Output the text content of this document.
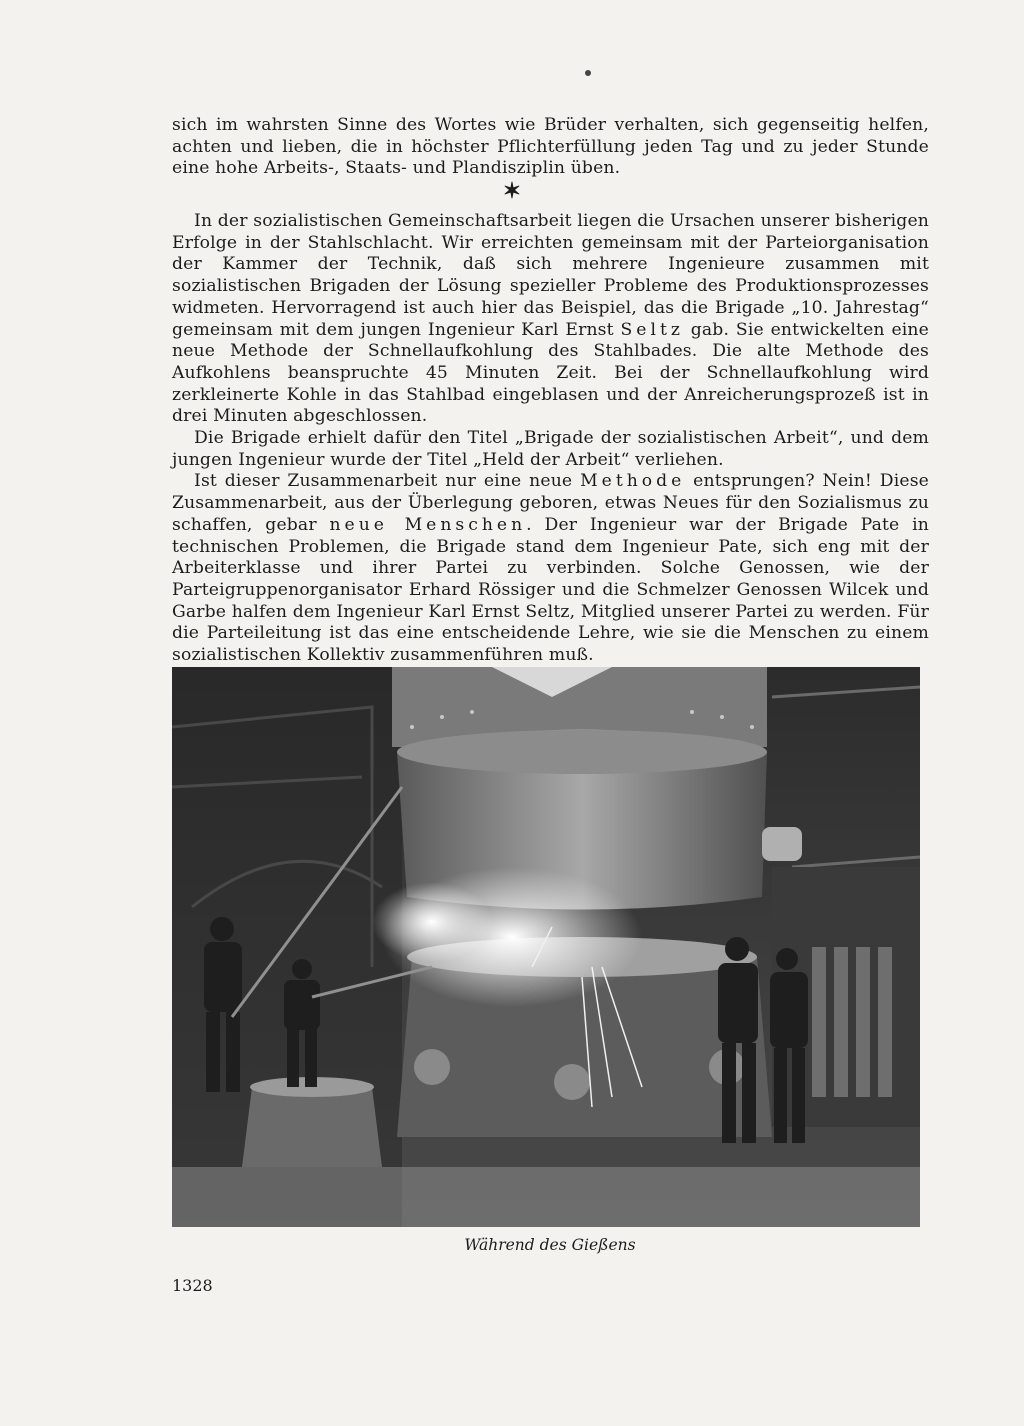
sich im wahrsten Sinne des Wortes wie Brüder verhalten, sich gegenseitig helfen, achten und lieben, die in höchster Pflichterfüllung jeden Tag und zu jeder Stunde eine hohe Arbeits-, Staats- und Plandisziplin üben.

✶

In der sozialistischen Gemeinschaftsarbeit liegen die Ursachen unserer bisherigen Erfolge in der Stahlschlacht. Wir erreichten gemeinsam mit der Parteiorganisation der Kammer der Technik, daß sich mehrere Ingenieure zusammen mit sozialistischen Brigaden der Lösung spezieller Probleme des Produktionsprozesses widmeten. Hervorragend ist auch hier das Beispiel, das die Brigade „10. Jahrestag“ gemeinsam mit dem jungen Ingenieur Karl Ernst Seltz gab. Sie entwickelten eine neue Methode der Schnellaufkohlung des Stahlbades. Die alte Methode des Aufkohlens beanspruchte 45 Minuten Zeit. Bei der Schnellaufkohlung wird zerkleinerte Kohle in das Stahlbad eingeblasen und der Anreicherungsprozeß ist in drei Minuten abgeschlossen.

Die Brigade erhielt dafür den Titel „Brigade der sozialistischen Arbeit“, und dem jungen Ingenieur wurde der Titel „Held der Arbeit“ verliehen.

Ist dieser Zusammenarbeit nur eine neue Methode entsprungen? Nein! Diese Zusammenarbeit, aus der Überlegung geboren, etwas Neues für den Sozialismus zu schaffen, gebar neue Menschen. Der Ingenieur war der Brigade Pate in technischen Problemen, die Brigade stand dem Ingenieur Pate, sich eng mit der Arbeiterklasse und ihrer Partei zu verbinden. Solche Genossen, wie der Parteigruppenorganisator Erhard Rössiger und die Schmelzer Genossen Wilcek und Garbe halfen dem Ingenieur Karl Ernst Seltz, Mitglied unserer Partei zu werden. Für die Parteileitung ist das eine entscheidende Lehre, wie sie die Menschen zu einem sozialistischen Kollektiv zusammenführen muß.

Während des Gießens
1328
